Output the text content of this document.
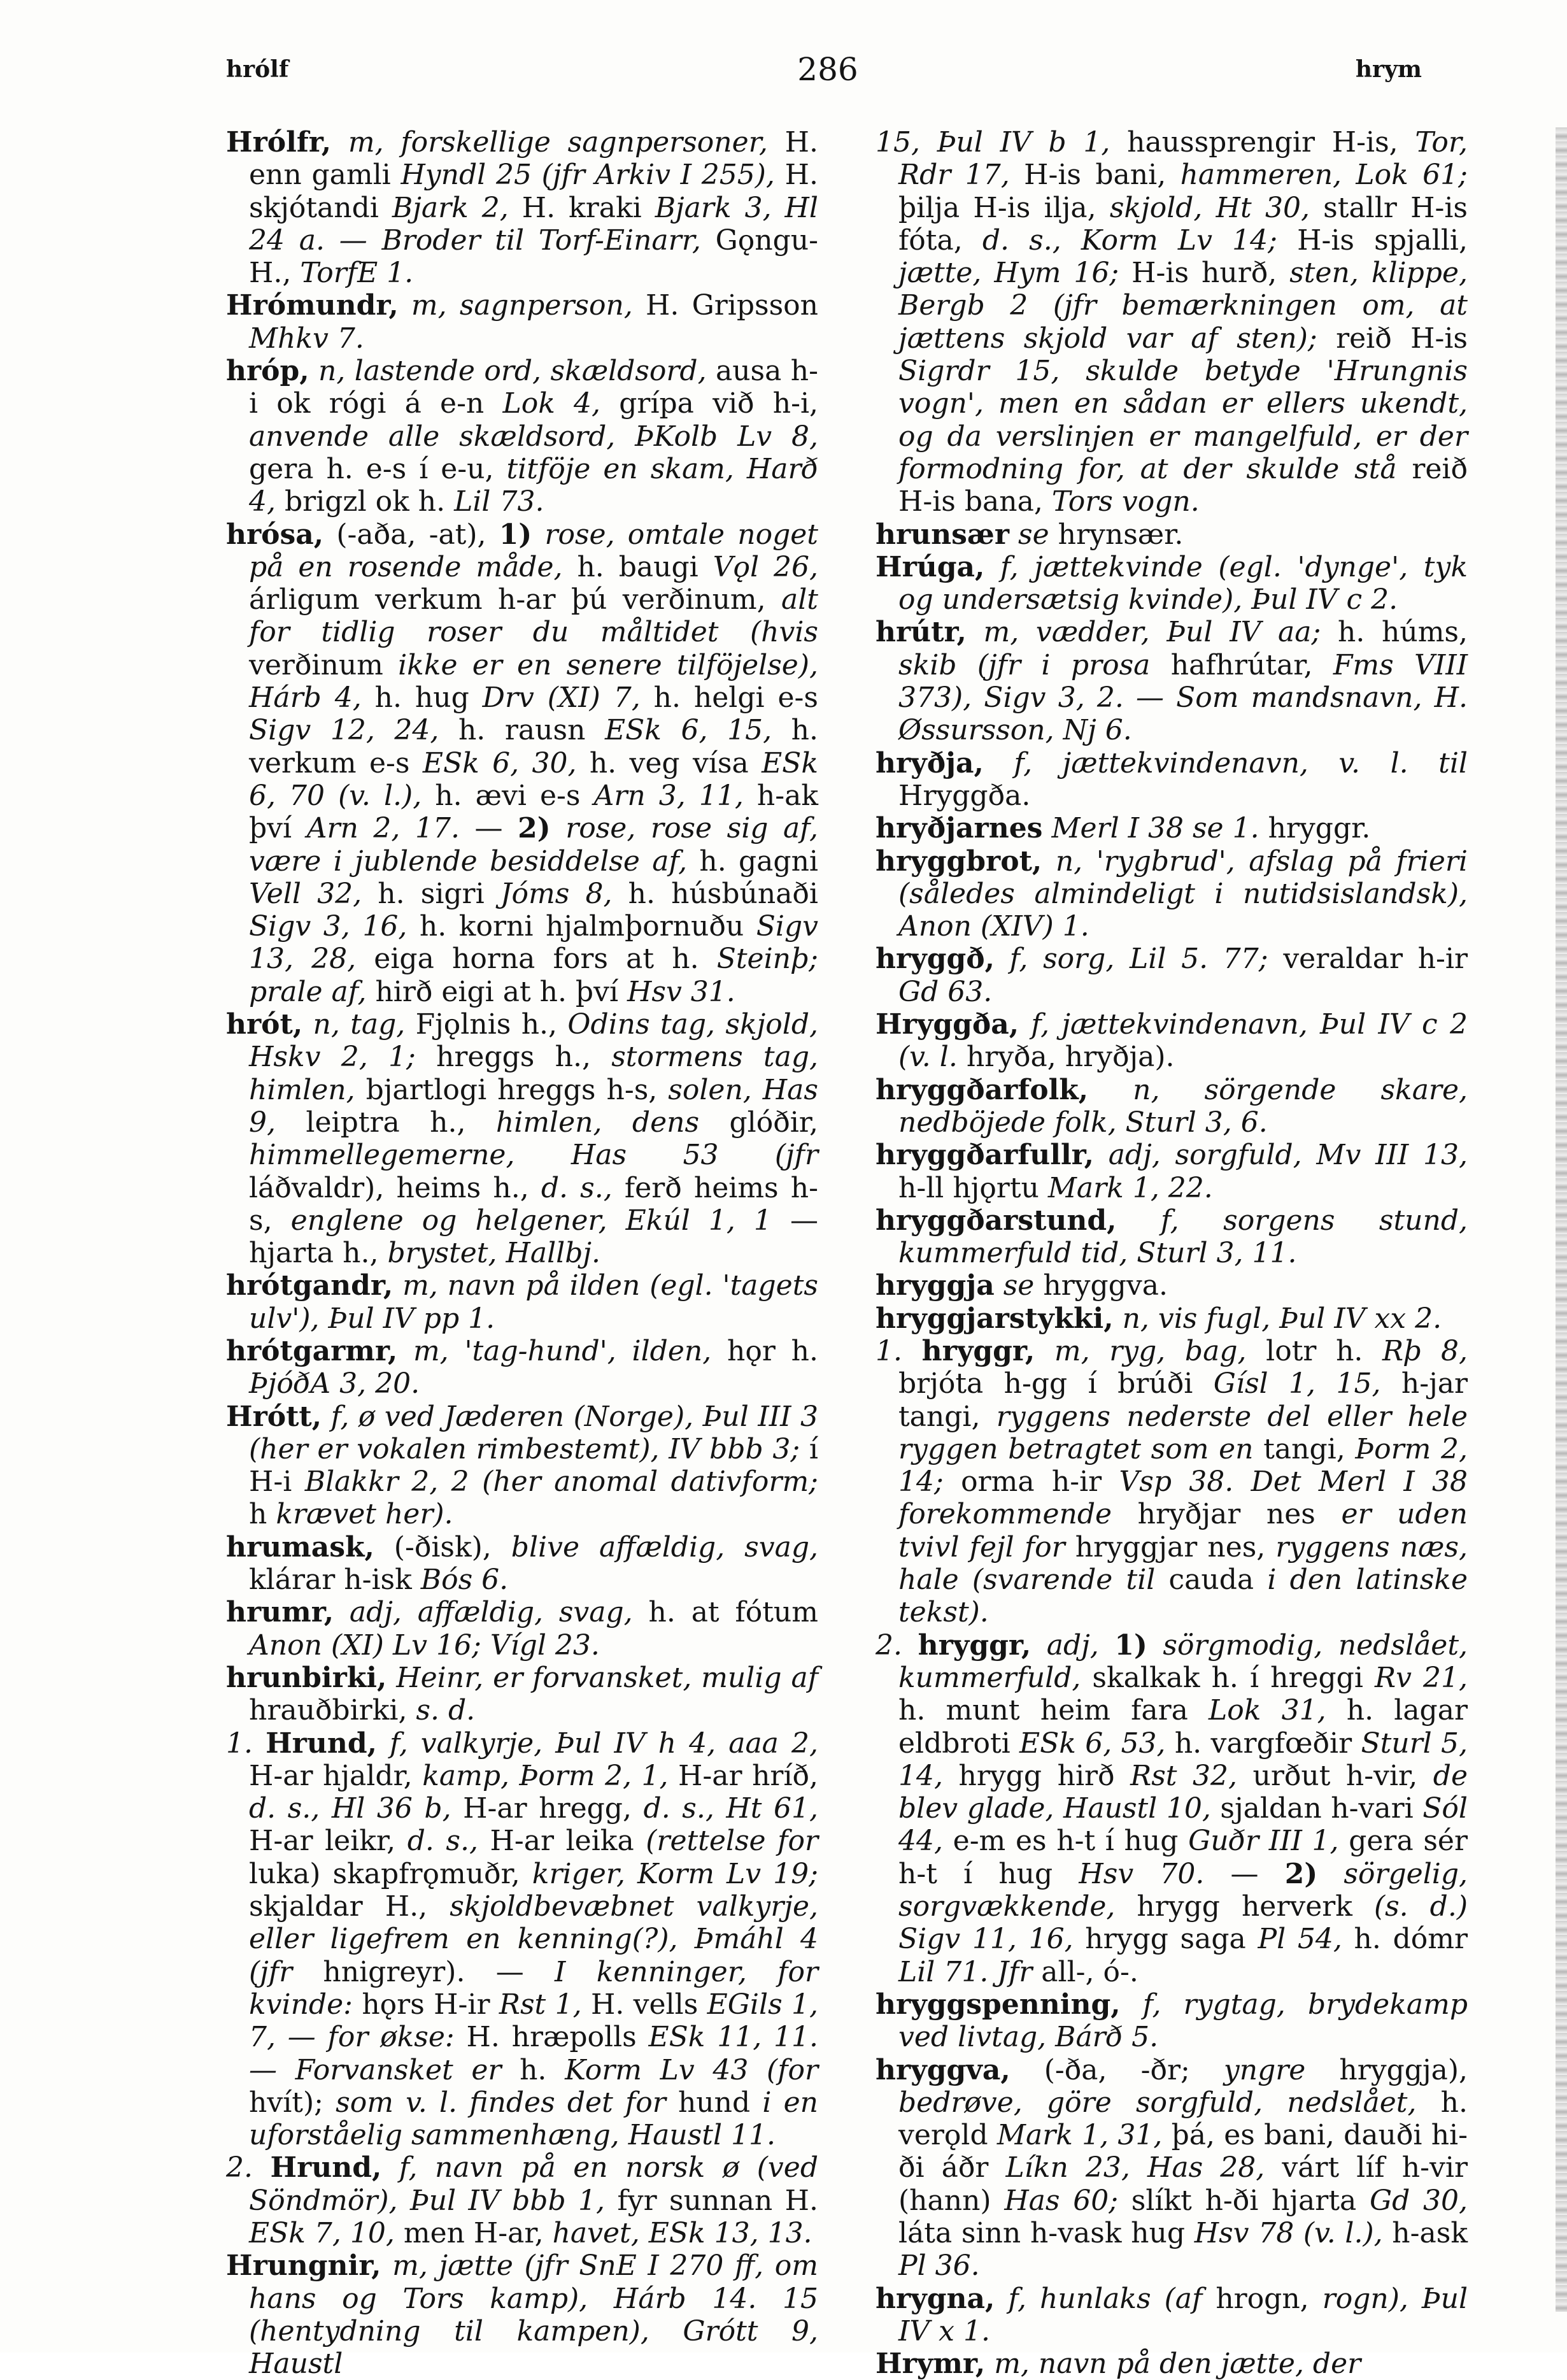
hrólf	286	hrym

Hrólfr, m, forskellige sagnpersoner, H. enn gamli Hyndl 25 (jfr Arkiv I 255), H. skjótandi Bjark 2, H. kraki Bjark 3, Hl 24 a. — Broder til Torf-Einarr, Gǫngu-H., TorfE 1.

Hrómundr, m, sagnperson, H. Gripsson Mhkv 7.

hróp, n, lastende ord, skældsord, ausa h-i ok rógi á e-n Lok 4, grípa við h-i, anvende alle skældsord, ÞKolb Lv 8, gera h. e-s í e-u, titföje en skam, Harð 4, brigzl ok h. Lil 73.

hrósa, (-aða, -at), 1) rose, omtale noget på en rosende måde, h. baugi Vǫl 26, árligum verkum h-ar þú verðinum, alt for tidlig roser du måltidet (hvis verðinum ikke er en senere tilföjelse), Hárb 4, h. hug Drv (XI) 7, h. helgi e-s Sigv 12, 24, h. rausn ESk 6, 15, h. verkum e-s ESk 6, 30, h. veg vísa ESk 6, 70 (v. l.), h. ævi e-s Arn 3, 11, h-ak því Arn 2, 17. — 2) rose, rose sig af, være i jublende besiddelse af, h. gagni Vell 32, h. sigri Jóms 8, h. húsbúnaði Sigv 3, 16, h. korni hjalmþornuðu Sigv 13, 28, eiga horna fors at h. Steinþ; prale af, hirð eigi at h. því Hsv 31.

hrót, n, tag, Fjǫlnis h., Odins tag, skjold, Hskv 2, 1; hreggs h., stormens tag, himlen, bjartlogi hreggs h-s, solen, Has 9, leiptra h., himlen, dens glóðir, himmellegemerne, Has 53 (jfr láðvaldr), heims h., d. s., ferð heims h-s, englene og helgener, Ekúl 1, 1 — hjarta h., brystet, Hallbj.

hrótgandr, m, navn på ilden (egl. 'tagets ulv'), Þul IV pp 1.

hrótgarmr, m, 'tag-hund', ilden, hǫr h. ÞjóðA 3, 20.

Hrótt, f, ø ved Jæderen (Norge), Þul III 3 (her er vokalen rimbestemt), IV bbb 3; í H-i Blakkr 2, 2 (her anomal dativform; h krævet her).

hrumask, (-ðisk), blive affældig, svag, klárar h-isk Bós 6.

hrumr, adj, affældig, svag, h. at fótum Anon (XI) Lv 16; Vígl 23.

hrunbirki, Heinr, er forvansket, mulig af hrauðbirki, s. d.

1. Hrund, f, valkyrje, Þul IV h 4, aaa 2, H-ar hjaldr, kamp, Þorm 2, 1, H-ar hríð, d. s., Hl 36 b, H-ar hregg, d. s., Ht 61, H-ar leikr, d. s., H-ar leika (rettelse for luka) skapfrǫmuðr, kriger, Korm Lv 19; skjaldar H., skjoldbevæbnet valkyrje, eller ligefrem en kenning(?), Þmáhl 4 (jfr hnigreyr). — I kenninger, for kvinde: hǫrs H-ir Rst 1, H. vells EGils 1, 7, — for økse: H. hræpolls ESk 11, 11. — Forvansket er h. Korm Lv 43 (for hvít); som v. l. findes det for hund i en uforståelig sammenhæng, Haustl 11.

2. Hrund, f, navn på en norsk ø (ved Söndmör), Þul IV bbb 1, fyr sunnan H. ESk 7, 10, men H-ar, havet, ESk 13, 13.

Hrungnir, m, jætte (jfr SnE I 270 ff, om hans og Tors kamp), Hárb 14. 15 (hentydning til kampen), Grótt 9, Haustl

15, Þul IV b 1, haussprengir H-is, Tor, Rdr 17, H-is bani, hammeren, Lok 61; þilja H-is ilja, skjold, Ht 30, stallr H-is fóta, d. s., Korm Lv 14; H-is spjalli, jætte, Hym 16; H-is hurð, sten, klippe, Bergb 2 (jfr bemærkningen om, at jættens skjold var af sten); reið H-is Sigrdr 15, skulde betyde 'Hrungnis vogn', men en sådan er ellers ukendt, og da verslinjen er mangelfuld, er der formodning for, at der skulde stå reið H-is bana, Tors vogn.

hrunsær se hrynsær.

Hrúga, f, jættekvinde (egl. 'dynge', tyk og undersætsig kvinde), Þul IV c 2.

hrútr, m, vædder, Þul IV aa; h. húms, skib (jfr i prosa hafhrútar, Fms VIII 373), Sigv 3, 2. — Som mandsnavn, H. Øssursson, Nj 6.

hryðja, f, jættekvindenavn, v. l. til Hryggða.

hryðjarnes Merl I 38 se 1. hryggr.

hryggbrot, n, 'rygbrud', afslag på frieri (således almindeligt i nutidsislandsk), Anon (XIV) 1.

hryggð, f, sorg, Lil 5. 77; veraldar h-ir Gd 63.

Hryggða, f, jættekvindenavn, Þul IV c 2 (v. l. hryða, hryðja).

hryggðarfolk, n, sörgende skare, nedböjede folk, Sturl 3, 6.

hryggðarfullr, adj, sorgfuld, Mv III 13, h-ll hjǫrtu Mark 1, 22.

hryggðarstund, f, sorgens stund, kummerfuld tid, Sturl 3, 11.

hryggja se hryggva.

hryggjarstykki, n, vis fugl, Þul IV xx 2.

1. hryggr, m, ryg, bag, lotr h. Rþ 8, brjóta h-gg í brúði Gísl 1, 15, h-jar tangi, ryggens nederste del eller hele ryggen betragtet som en tangi, Þorm 2, 14; orma h-ir Vsp 38. Det Merl I 38 forekommende hryðjar nes er uden tvivl fejl for hryggjar nes, ryggens næs, hale (svarende til cauda i den latinske tekst).

2. hryggr, adj, 1) sörgmodig, nedslået, kummerfuld, skalkak h. í hreggi Rv 21, h. munt heim fara Lok 31, h. lagar eldbroti ESk 6, 53, h. vargfœðir Sturl 5, 14, hrygg hirð Rst 32, urðut h-vir, de blev glade, Haustl 10, sjaldan h-vari Sól 44, e-m es h-t í hug Guðr III 1, gera sér h-t í hug Hsv 70. — 2) sörgelig, sorgvækkende, hrygg herverk (s. d.) Sigv 11, 16, hrygg saga Pl 54, h. dómr Lil 71. Jfr all-, ó-.

hryggspenning, f, rygtag, brydekamp ved livtag, Bárð 5.

hryggva, (-ða, -ðr; yngre hryggja), bedrøve, göre sorgfuld, nedslået, h. verǫld Mark 1, 31, þá, es bani, dauði hi-ði áðr Líkn 23, Has 28, várt líf h-vir (hann) Has 60; slíkt h-ði hjarta Gd 30, láta sinn h-vask hug Hsv 78 (v. l.), h-ask Pl 36.

hrygna, f, hunlaks (af hrogn, rogn), Þul IV x 1.

Hrymr, m, navn på den jætte, der
